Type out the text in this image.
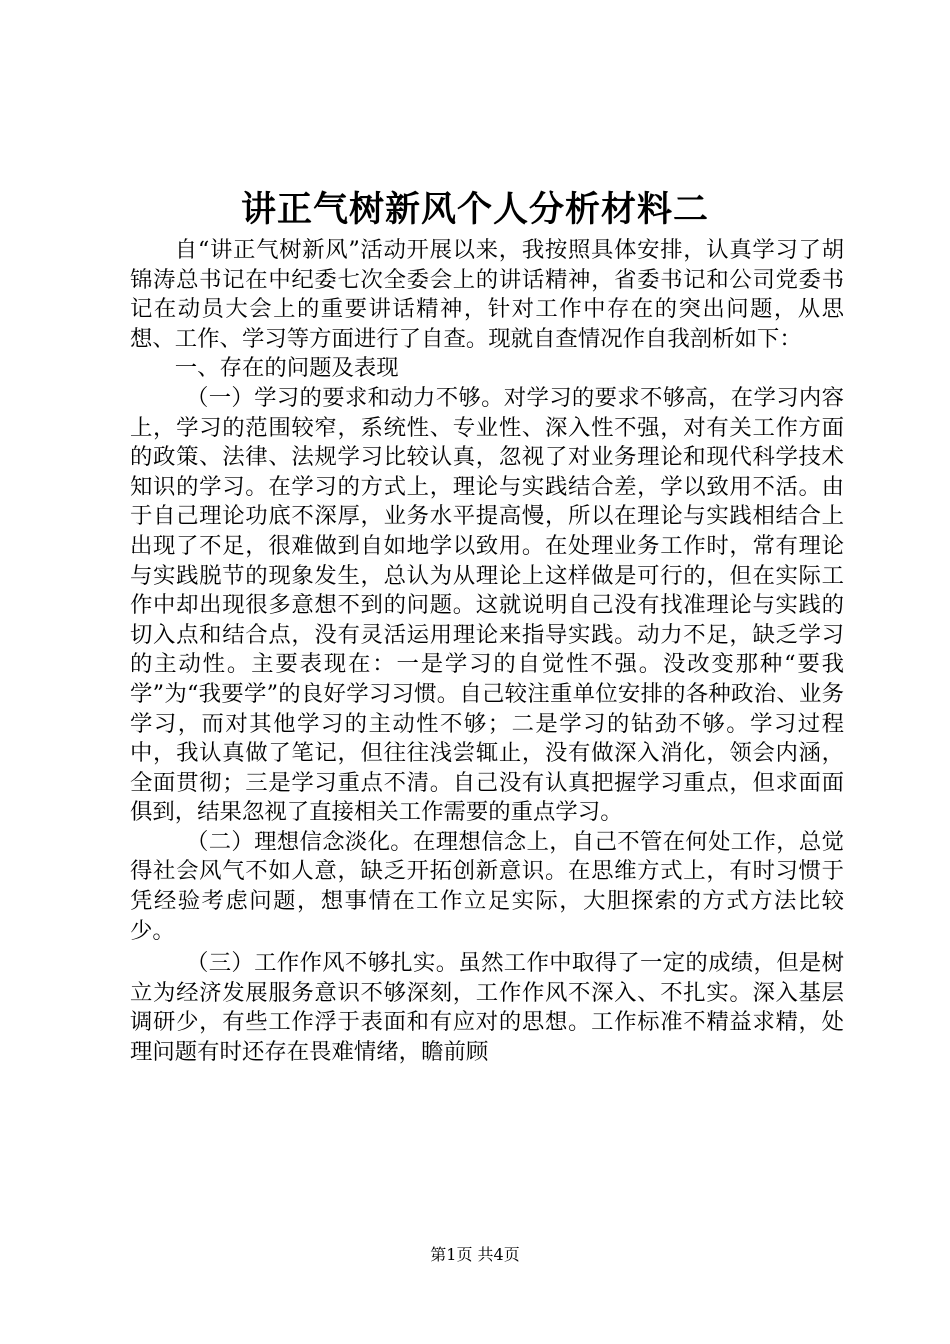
讲正气树新风个人分析材料二

自“讲正气树新风”活动开展以来，我按照具体安排，认真学习了胡锦涛总书记在中纪委七次全委会上的讲话精神，省委书记和公司党委书记在动员大会上的重要讲话精神，针对工作中存在的突出问题，从思想、工作、学习等方面进行了自查。现就自查情况作自我剖析如下：

一、存在的问题及表现

（一）学习的要求和动力不够。对学习的要求不够高，在学习内容上，学习的范围较窄，系统性、专业性、深入性不强，对有关工作方面的政策、法律、法规学习比较认真，忽视了对业务理论和现代科学技术知识的学习。在学习的方式上，理论与实践结合差，学以致用不活。由于自己理论功底不深厚，业务水平提高慢，所以在理论与实践相结合上出现了不足，很难做到自如地学以致用。在处理业务工作时，常有理论与实践脱节的现象发生，总认为从理论上这样做是可行的，但在实际工作中却出现很多意想不到的问题。这就说明自己没有找准理论与实践的切入点和结合点，没有灵活运用理论来指导实践。动力不足，缺乏学习的主动性。主要表现在：一是学习的自觉性不强。没改变那种“要我学”为“我要学”的良好学习习惯。自己较注重单位安排的各种政治、业务学习，而对其他学习的主动性不够；二是学习的钻劲不够。学习过程中，我认真做了笔记，但往往浅尝辄止，没有做深入消化，领会内涵，全面贯彻；三是学习重点不清。自己没有认真把握学习重点，但求面面俱到，结果忽视了直接相关工作需要的重点学习。

（二）理想信念淡化。在理想信念上，自己不管在何处工作，总觉得社会风气不如人意，缺乏开拓创新意识。在思维方式上，有时习惯于凭经验考虑问题，想事情在工作立足实际，大胆探索的方式方法比较少。

（三）工作作风不够扎实。虽然工作中取得了一定的成绩，但是树立为经济发展服务意识不够深刻，工作作风不深入、不扎实。深入基层调研少，有些工作浮于表面和有应对的思想。工作标准不精益求精，处理问题有时还存在畏难情绪，瞻前顾

第1页 共4页
